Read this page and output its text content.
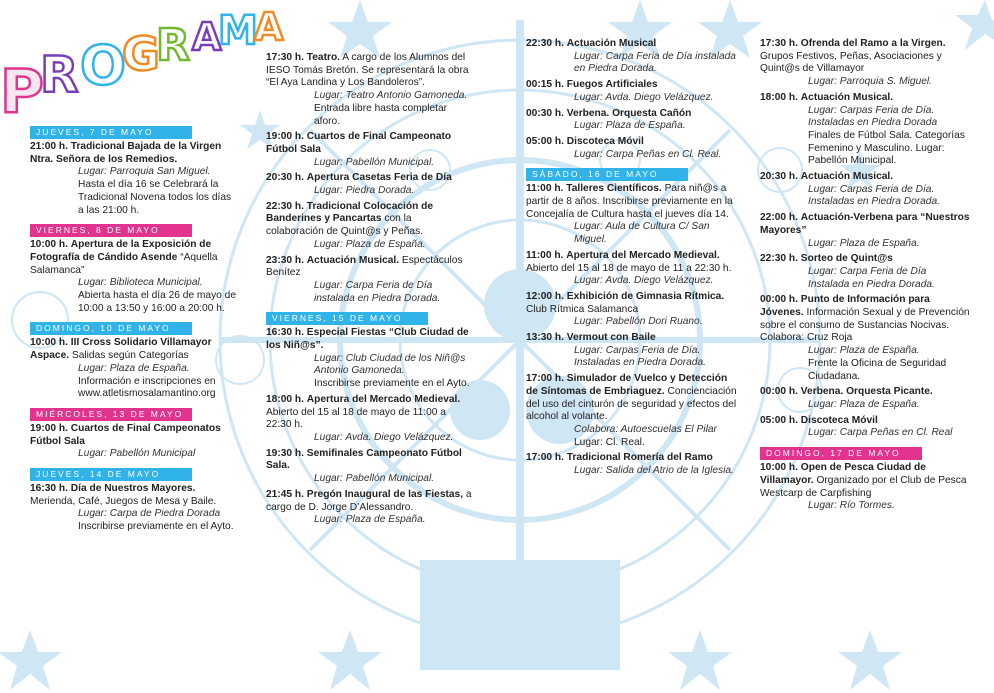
P
R O
G
R A
M
A
PROGRAMA
JUEVES, 7 DE MAYO
21:00 h. Tradicional Bajada de la Virgen Ntra. Señora de los Remedios.
Lugar: Parroquia San Miguel.
Hasta el día 16 se Celebrará la Tradicional Novena todos los días a las 21:00 h.
VIERNES, 8 DE MAYO
10:00 h. Apertura de la Exposición de Fotografía de Cándido Asende “Aquella Salamanca”
Lugar: Biblioteca Municipal.
Abierta hasta el día 26 de mayo de 10:00 a 13:50 y 16:00 a 20:00 h.
DOMINGO, 10 DE MAYO
10:00 h. III Cross Solidario Villamayor Aspace. Salidas según Categorías
Lugar: Plaza de España.
Información e inscripciones en www.atletismosalamantino.org
MIÉRCOLES, 13 DE MAYO
19:00 h. Cuartos de Final Campeonatos Fútbol Sala
Lugar: Pabellón Municipal
JUEVES, 14 DE MAYO
16:30 h. Día de Nuestros Mayores. Merienda, Café, Juegos de Mesa y Baile.
Lugar: Carpa de Piedra Dorada
Inscribirse previamente en el Ayto.
17:30 h. Teatro. A cargo de los Alumnos del IESO Tomás Bretón. Se representará la obra “El Aya Landina y Los Bandoleros”.
Lugar: Teatro Antonio Gamoneda.
Entrada libre hasta completar aforo.
19:00 h. Cuartos de Final Campeonato Fútbol Sala
Lugar: Pabellón Municipal.
20:30 h. Apertura Casetas Feria de Día
Lugar: Piedra Dorada.
22:30 h. Tradicional Colocación de Banderines y Pancartas con la colaboración de Quint@s y Peñas.
Lugar: Plaza de España.
23:30 h. Actuación Musical. Espectáculos Benítez
Lugar: Carpa Feria de Día instalada en Piedra Dorada.
VIERNES, 15 DE MAYO
16:30 h. Especial Fiestas “Club Ciudad de los Niñ@s”.
Lugar: Club Ciudad de los Niñ@s Antonio Gamoneda.
Inscribirse previamente en el Ayto.
18:00 h. Apertura del Mercado Medieval. Abierto del 15 al 18 de mayo de 11:00 a 22:30 h.
Lugar: Avda. Diego Velázquez.
19:30 h. Semifinales Campeonato Fútbol Sala.
Lugar: Pabellón Municipal.
21:45 h. Pregón Inaugural de las Fiestas, a cargo de D. Jorge D’Alessandro.
Lugar: Plaza de España.
22:30 h. Actuación Musical
Lugar: Carpa Feria de Día instalada en Piedra Dorada.
00:15 h. Fuegos Artificiales
Lugar: Avda. Diego Velázquez.
00:30 h. Verbena. Orquesta Cañón
Lugar: Plaza de España.
05:00 h. Discoteca Móvil
Lugar: Carpa Peñas en Cl. Real.
SÁBADO, 16 DE MAYO
11:00 h. Talleres Científicos. Para niñ@s a partir de 8 años. Inscribirse previamente en la Concejalía de Cultura hasta el jueves día 14.
Lugar: Aula de Cultura C/ San Miguel.
11:00 h. Apertura del Mercado Medieval. Abierto del 15 al 18 de mayo de 11 a 22:30 h.
Lugar: Avda. Diego Velázquez.
12:00 h. Exhibición de Gimnasia Rítmica. Club Rítmica Salamanca
Lugar: Pabellón Dori Ruano.
13:30 h. Vermout con Baile
Lugar: Carpas Feria de Día. Instaladas en Piedra Dorada.
17:00 h. Simulador de Vuelco y Detección de Síntomas de Embriaguez. Concienciación del uso del cinturón de seguridad y efectos del alcohol al volante.
Colabora: Autoescuelas El Pilar
Lugar: Cl. Real.
17:00 h. Tradicional Romería del Ramo
Lugar: Salida del Atrio de la Iglesia.
17:30 h. Ofrenda del Ramo a la Virgen. Grupos Festivos, Peñas, Asociaciones y Quint@s de Villamayor
Lugar: Parroquia S. Miguel.
18:00 h. Actuación Musical.
Lugar: Carpas Feria de Día. Instaladas en Piedra Dorada
Finales de Fútbol Sala. Categorías Femenino y Masculino. Lugar: Pabellón Municipal.
20:30 h. Actuación Musical.
Lugar: Carpas Feria de Día. Instaladas en Piedra Dorada.
22:00 h. Actuación-Verbena para “Nuestros Mayores”
Lugar: Plaza de España.
22:30 h. Sorteo de Quint@s
Lugar: Carpa Feria de Día Instalada en Piedra Dorada.
00:00 h. Punto de Información para Jóvenes. Información Sexual y de Prevención sobre el consumo de Sustancias Nocivas. Colabora: Cruz Roja
Lugar: Plaza de España.
Frente la Oficina de Seguridad Ciudadana.
00:00 h. Verbena. Orquesta Picante.
Lugar: Plaza de España.
05:00 h. Discoteca Móvil
Lugar: Carpa Peñas en Cl. Real
DOMINGO, 17 DE MAYO
10:00 h. Open de Pesca Ciudad de Villamayor. Organizado por el Club de Pesca Westcarp de Carpfishing
Lugar: Río Tormes.
